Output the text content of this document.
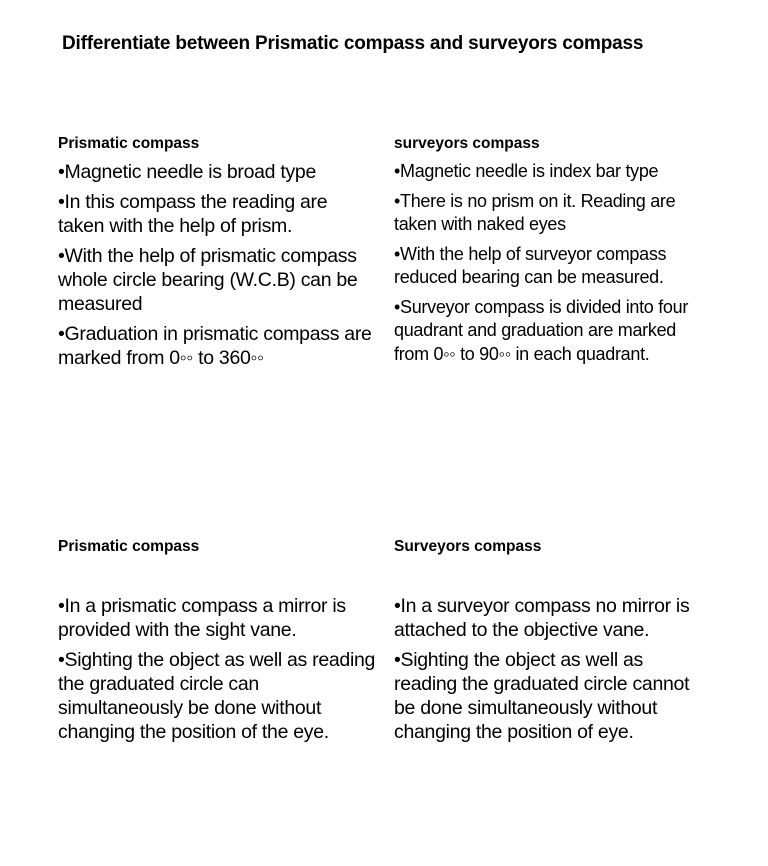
Differentiate between Prismatic compass and surveyors compass
Prismatic compass
•Magnetic needle is broad type
•In this compass the reading are taken with the help of prism.
•With the help of prismatic compass whole circle bearing (W.C.B) can be measured
•Graduation in prismatic compass are marked from 0◦◦ to 360◦◦
surveyors compass
•Magnetic needle is index bar type
•There is no prism on it. Reading are taken with naked eyes
•With the help of surveyor compass reduced bearing can be measured.
•Surveyor compass is divided into four quadrant and graduation are marked from 0◦◦ to 90◦◦ in each quadrant.
Prismatic compass
•In a prismatic compass a mirror is provided with the sight vane.
•Sighting the object as well as reading the graduated circle can simultaneously be done without changing the position of the eye.
Surveyors compass
•In a surveyor compass no mirror is attached to the objective vane.
•Sighting the object as well as reading the graduated circle cannot be done simultaneously without changing the position of eye.
